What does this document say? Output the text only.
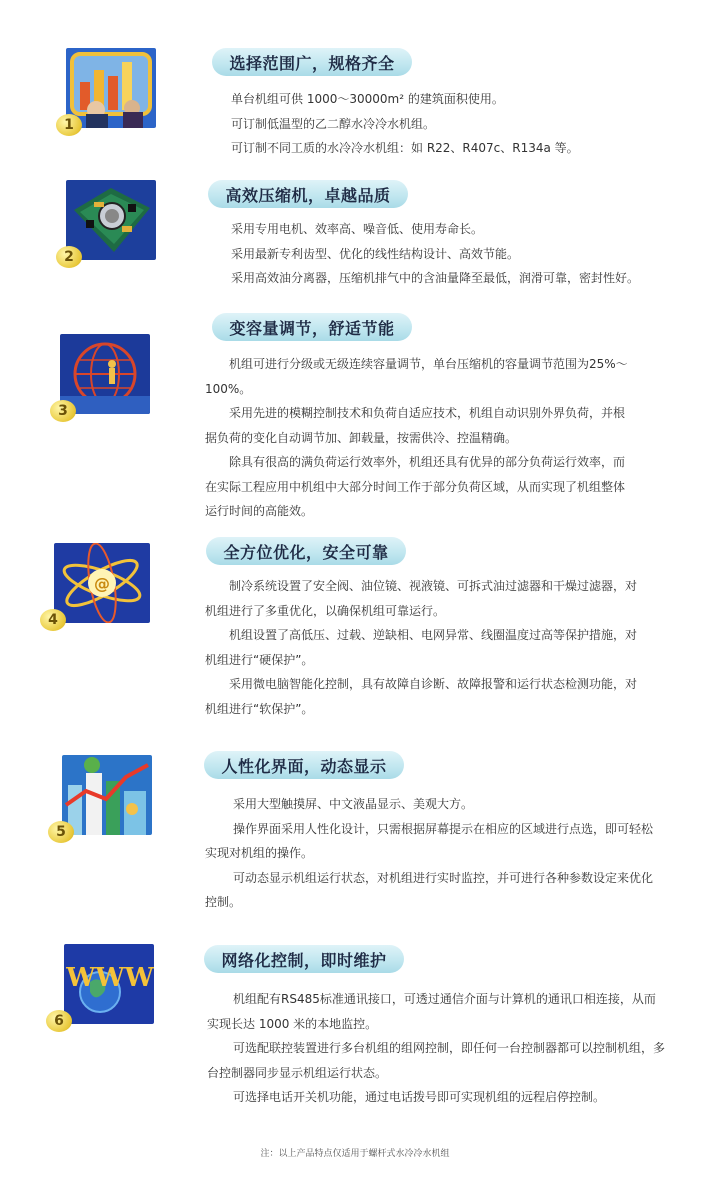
1
选择范围广，规格齐全

单台机组可供 1000～30000m² 的建筑面积使用。

可订制低温型的乙二醇水冷冷水机组。

可订制不同工质的水冷冷水机组：如 R22、R407c、R134a 等。

2
高效压缩机，卓越品质

采用专用电机、效率高、噪音低、使用寿命长。

采用最新专利齿型、优化的线性结构设计、高效节能。

采用高效油分离器，压缩机排气中的含油量降至最低，润滑可靠，密封性好。

3
变容量调节，舒适节能

机组可进行分级或无级连续容量调节，单台压缩机的容量调节范围为25%～100%。

采用先进的模糊控制技术和负荷自适应技术，机组自动识别外界负荷，并根据负荷的变化自动调节加、卸载量，按需供冷、控温精确。

除具有很高的满负荷运行效率外，机组还具有优异的部分负荷运行效率，而在实际工程应用中机组中大部分时间工作于部分负荷区域，从而实现了机组整体运行时间的高能效。

@
4
全方位优化，安全可靠

制冷系统设置了安全阀、油位镜、视液镜、可拆式油过滤器和干燥过滤器，对机组进行了多重优化，以确保机组可靠运行。

机组设置了高低压、过载、逆缺相、电网异常、线圈温度过高等保护措施，对机组进行“硬保护”。

采用微电脑智能化控制，具有故障自诊断、故障报警和运行状态检测功能，对机组进行“软保护”。

5
人性化界面，动态显示

采用大型触摸屏、中文液晶显示、美观大方。

操作界面采用人性化设计，只需根据屏幕提示在相应的区域进行点选，即可轻松实现对机组的操作。

可动态显示机组运行状态，对机组进行实时监控，并可进行各种参数设定来优化控制。

WWW
6
网络化控制，即时维护

机组配有RS485标准通讯接口，可透过通信介面与计算机的通讯口相连接，从而实现长达 1000 米的本地监控。

可选配联控装置进行多台机组的组网控制，即任何一台控制器都可以控制机组，多台控制器同步显示机组运行状态。

可选择电话开关机功能，通过电话拨号即可实现机组的远程启停控制。

注：以上产品特点仅适用于螺杆式水冷冷水机组
